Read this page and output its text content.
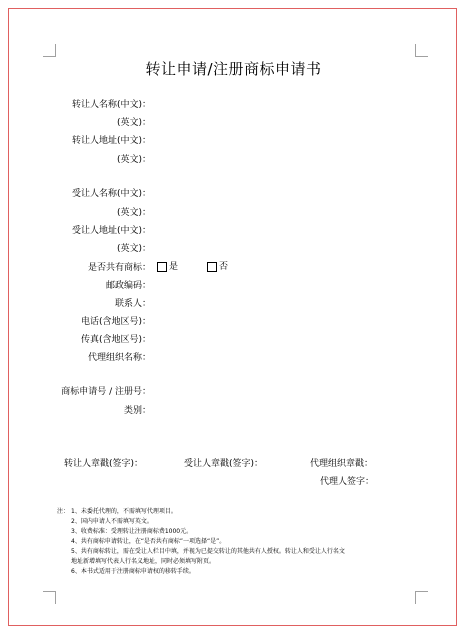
转让申请/注册商标申请书
转让人名称(中文)：
(英文)：
转让人地址(中文)：
(英文)：
受让人名称(中文)：
(英文)：
受让人地址(中文)：
(英文)：
是否共有商标：	是	否
邮政编码：
联系人：
电话(含地区号)：
传真(含地区号)：
代理组织名称：
商标申请号 / 注册号：
类别：
转让人章戳(签字)：	受让人章戳(签字)：	代理组织章戳：
代理人签字：
注： 1、未委托代理的，不需填写代理项目。
2、国内申请人不需填写英文。
3、收费标准：受理转让注册商标费1000元。
4、共有商标申请转让，在“是否共有商标”一项选择“是”。
5、共有商标转让，需在受让人栏目中填，并视为已提交转让的其他共有人授权。转让人和受让人行名文
地址新增填写代表人行名义地址，同时必须填写附页。
6、本书式适用于注册商标申请权的移转手续。
